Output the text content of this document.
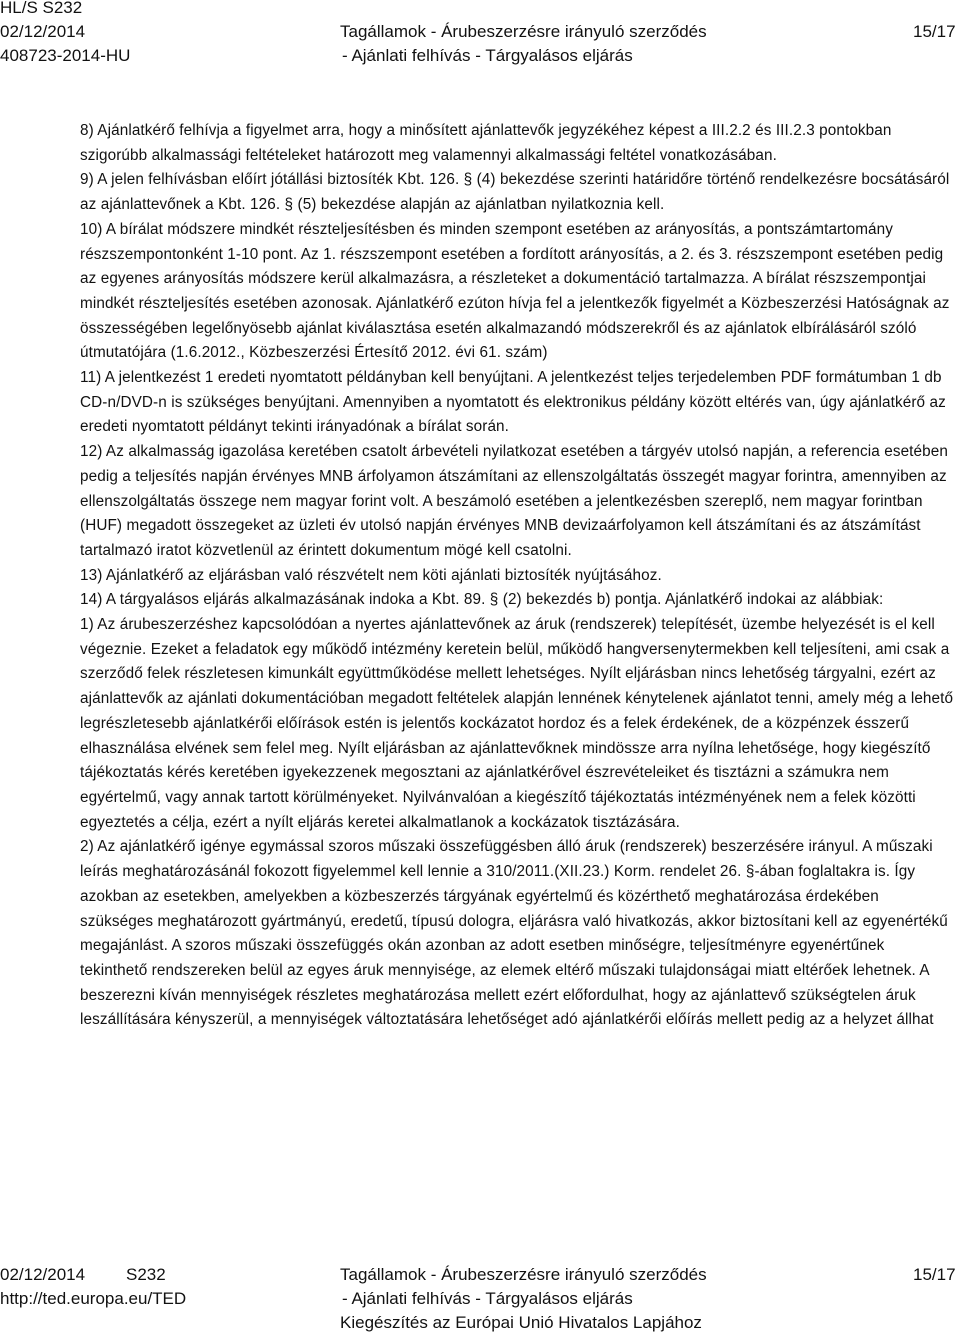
HL/S S232
02/12/2014
408723-2014-HU
Tagállamok - Árubeszerzésre irányuló szerződés
- Ajánlati felhívás - Tárgyalásos eljárás
15/17

8) Ajánlatkérő felhívja a figyelmet arra, hogy a minősített ajánlattevők jegyzékéhez képest a III.2.2 és III.2.3 pontokban szigorúbb alkalmassági feltételeket határozott meg valamennyi alkalmassági feltétel vonatkozásában.

9) A jelen felhívásban előírt jótállási biztosíték Kbt. 126. § (4) bekezdése szerinti határidőre történő rendelkezésre bocsátásáról az ajánlattevőnek a Kbt. 126. § (5) bekezdése alapján az ajánlatban nyilatkoznia kell.

10) A bírálat módszere mindkét részteljesítésben és minden szempont esetében az arányosítás, a pontszámtartomány részszempontonként 1-10 pont. Az 1. részszempont esetében a fordított arányosítás, a 2. és 3. részszempont esetében pedig az egyenes arányosítás módszere kerül alkalmazásra, a részleteket a dokumentáció tartalmazza. A bírálat részszempontjai mindkét részteljesítés esetében azonosak. Ajánlatkérő ezúton hívja fel a jelentkezők figyelmét a Közbeszerzési Hatóságnak az összességében legelőnyösebb ajánlat kiválasztása esetén alkalmazandó módszerekről és az ajánlatok elbírálásáról szóló útmutatójára (1.6.2012., Közbeszerzési Értesítő 2012. évi 61. szám)

11) A jelentkezést 1 eredeti nyomtatott példányban kell benyújtani. A jelentkezést teljes terjedelemben PDF formátumban 1 db CD-n/DVD-n is szükséges benyújtani. Amennyiben a nyomtatott és elektronikus példány között eltérés van, úgy ajánlatkérő az eredeti nyomtatott példányt tekinti irányadónak a bírálat során.

12) Az alkalmasság igazolása keretében csatolt árbevételi nyilatkozat esetében a tárgyév utolsó napján, a referencia esetében pedig a teljesítés napján érvényes MNB árfolyamon átszámítani az ellenszolgáltatás összegét magyar forintra, amennyiben az ellenszolgáltatás összege nem magyar forint volt. A beszámoló esetében a jelentkezésben szereplő, nem magyar forintban (HUF) megadott összegeket az üzleti év utolsó napján érvényes MNB devizaárfolyamon kell átszámítani és az átszámítást tartalmazó iratot közvetlenül az érintett dokumentum mögé kell csatolni.

13) Ajánlatkérő az eljárásban való részvételt nem köti ajánlati biztosíték nyújtásához.

14) A tárgyalásos eljárás alkalmazásának indoka a Kbt. 89. § (2) bekezdés b) pontja. Ajánlatkérő indokai az alábbiak:

1) Az árubeszerzéshez kapcsolódóan a nyertes ajánlattevőnek az áruk (rendszerek) telepítését, üzembe helyezését is el kell végeznie. Ezeket a feladatok egy működő intézmény keretein belül, működő hangversenytermekben kell teljesíteni, ami csak a szerződő felek részletesen kimunkált együttműködése mellett lehetséges. Nyílt eljárásban nincs lehetőség tárgyalni, ezért az ajánlattevők az ajánlati dokumentációban megadott feltételek alapján lennének kénytelenek ajánlatot tenni, amely még a lehető legrészletesebb ajánlatkérői előírások estén is jelentős kockázatot hordoz és a felek érdekének, de a közpénzek ésszerű elhasználása elvének sem felel meg. Nyílt eljárásban az ajánlattevőknek mindössze arra nyílna lehetősége, hogy kiegészítő tájékoztatás kérés keretében igyekezzenek megosztani az ajánlatkérővel észrevételeiket és tisztázni a számukra nem egyértelmű, vagy annak tartott körülményeket. Nyilvánvalóan a kiegészítő tájékoztatás intézményének nem a felek közötti egyeztetés a célja, ezért a nyílt eljárás keretei alkalmatlanok a kockázatok tisztázására.

2) Az ajánlatkérő igénye egymással szoros műszaki összefüggésben álló áruk (rendszerek) beszerzésére irányul. A műszaki leírás meghatározásánál fokozott figyelemmel kell lennie a 310/2011.(XII.23.) Korm. rendelet 26. §-ában foglaltakra is. Így azokban az esetekben, amelyekben a közbeszerzés tárgyának egyértelmű és közérthető meghatározása érdekében szükséges meghatározott gyártmányú, eredetű, típusú dologra, eljárásra való hivatkozás, akkor biztosítani kell az egyenértékű megajánlást. A szoros műszaki összefüggés okán azonban az adott esetben minőségre, teljesítményre egyenértűnek tekinthető rendszereken belül az egyes áruk mennyisége, az elemek eltérő műszaki tulajdonságai miatt eltérőek lehetnek. A beszerezni kíván mennyiségek részletes meghatározása mellett ezért előfordulhat, hogy az ajánlattevő szükségtelen áruk leszállítására kényszerül, a mennyiségek változtatására lehetőséget adó ajánlatkérői előírás mellett pedig az a helyzet állhat

02/12/2014 S232
http://ted.europa.eu/TED
Tagállamok - Árubeszerzésre irányuló szerződés
- Ajánlati felhívás - Tárgyalásos eljárás
Kiegészítés az Európai Unió Hivatalos Lapjához
15/17
